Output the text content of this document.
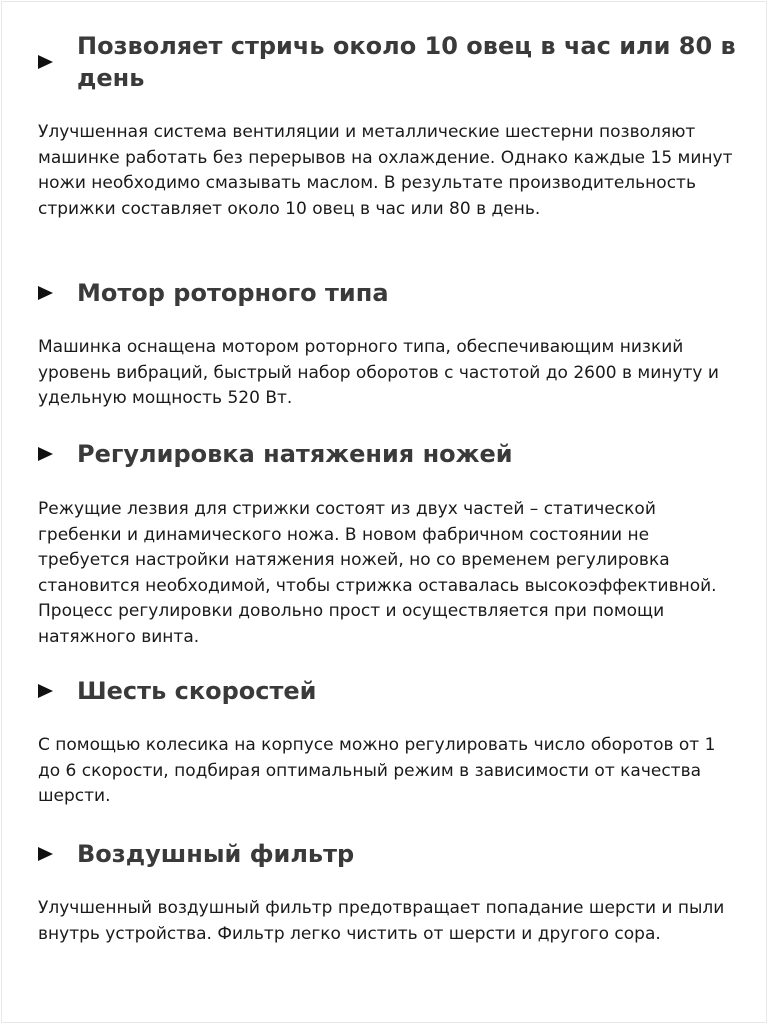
Позволяет стричь около 10 овец в час или 80 в день

Улучшенная система вентиляции и металлические шестерни позволяют машинке работать без перерывов на охлаждение. Однако каждые 15 минут ножи необходимо смазывать маслом. В результате производительность стрижки составляет около 10 овец в час или 80 в день.

Мотор роторного типа

Машинка оснащена мотором роторного типа, обеспечивающим низкий уровень вибраций, быстрый набор оборотов с частотой до 2600 в минуту и удельную мощность 520 Вт.

Регулировка натяжения ножей

Режущие лезвия для стрижки состоят из двух частей – статической гребенки и динамического ножа. В новом фабричном состоянии не требуется настройки натяжения ножей, но со временем регулировка становится необходимой, чтобы стрижка оставалась высокоэффективной. Процесс регулировки довольно прост и осуществляется при помощи натяжного винта.

Шесть скоростей

С помощью колесика на корпусе можно регулировать число оборотов от 1 до 6 скорости, подбирая оптимальный режим в зависимости от качества шерсти.

Воздушный фильтр

Улучшенный воздушный фильтр предотвращает попадание шерсти и пыли внутрь устройства. Фильтр легко чистить от шерсти и другого сора.
